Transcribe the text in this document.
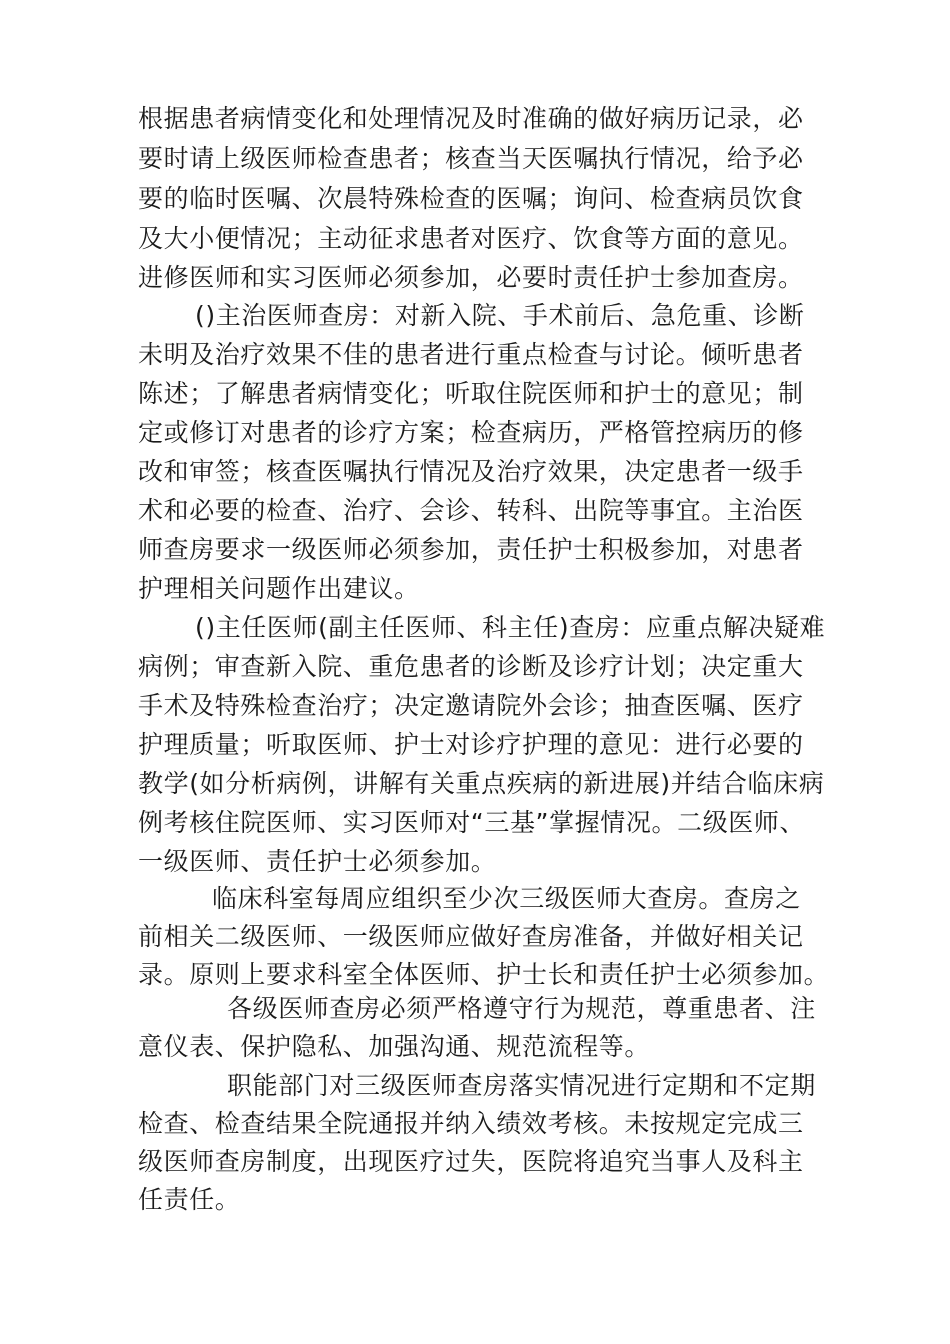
根据患者病情变化和处理情况及时准确的做好病历记录，必
要时请上级医师检查患者；核查当天医嘱执行情况，给予必
要的临时医嘱、次晨特殊检查的医嘱；询问、检查病员饮食
及大小便情况；主动征求患者对医疗、饮食等方面的意见。
进修医师和实习医师必须参加，必要时责任护士参加查房。
()主治医师查房：对新入院、手术前后、急危重、诊断
未明及治疗效果不佳的患者进行重点检查与讨论。倾听患者
陈述；了解患者病情变化；听取住院医师和护士的意见；制
定或修订对患者的诊疗方案；检查病历，严格管控病历的修
改和审签；核查医嘱执行情况及治疗效果，决定患者一级手
术和必要的检查、治疗、会诊、转科、出院等事宜。主治医
师查房要求一级医师必须参加，责任护士积极参加，对患者
护理相关问题作出建议。
()主任医师(副主任医师、科主任)查房：应重点解决疑难
病例；审查新入院、重危患者的诊断及诊疗计划；决定重大
手术及特殊检查治疗；决定邀请院外会诊；抽查医嘱、医疗
护理质量；听取医师、护士对诊疗护理的意见：进行必要的
教学(如分析病例，讲解有关重点疾病的新进展)并结合临床病
例考核住院医师、实习医师对“三基”掌握情况。二级医师、
一级医师、责任护士必须参加。
临床科室每周应组织至少次三级医师大查房。查房之
前相关二级医师、一级医师应做好查房准备，并做好相关记
录。原则上要求科室全体医师、护士长和责任护士必须参加。
各级医师查房必须严格遵守行为规范，尊重患者、注
意仪表、保护隐私、加强沟通、规范流程等。
职能部门对三级医师查房落实情况进行定期和不定期
检查、检查结果全院通报并纳入绩效考核。未按规定完成三
级医师查房制度，出现医疗过失，医院将追究当事人及科主
任责任。
